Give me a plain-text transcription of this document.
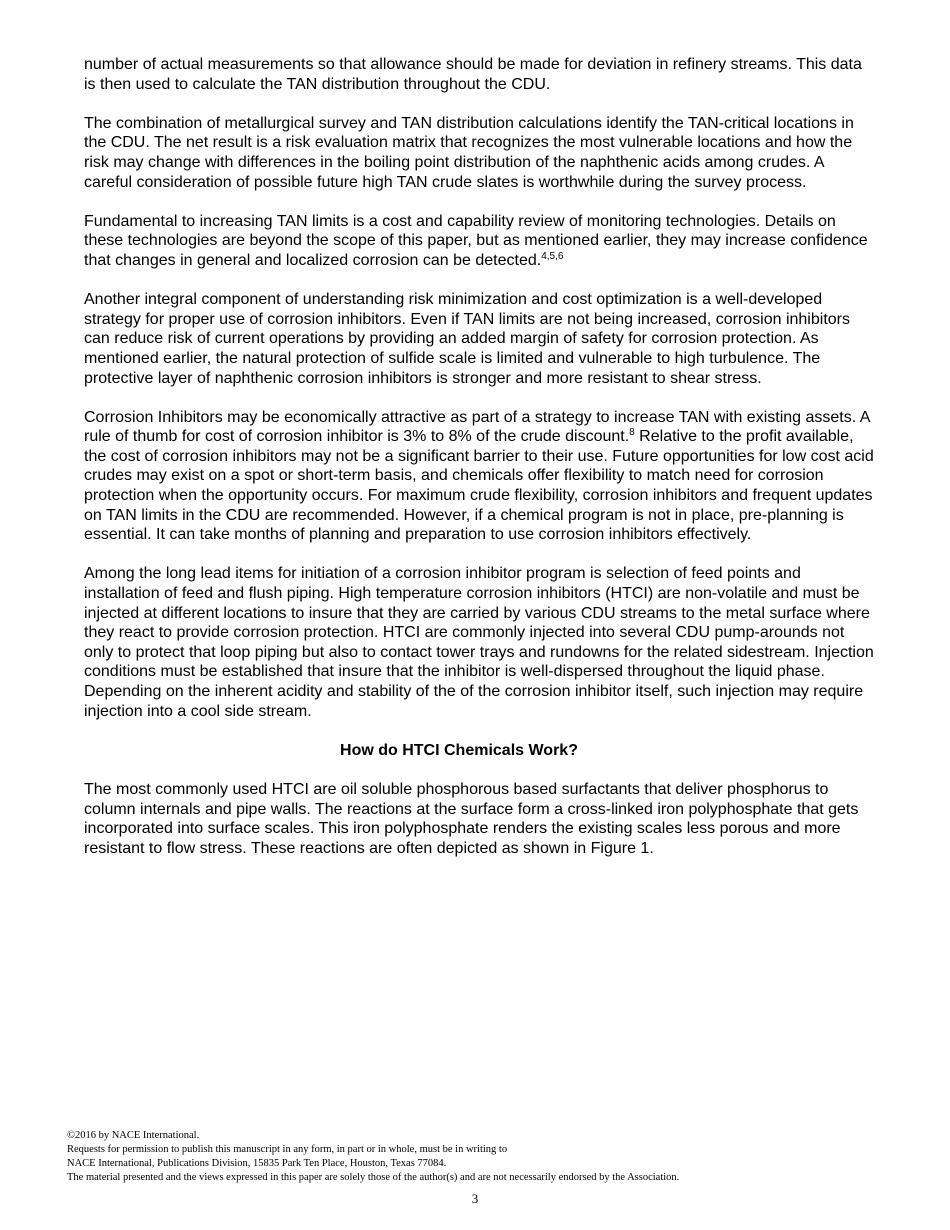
number of actual measurements so that allowance should be made for deviation in refinery streams. This data is then used to calculate the TAN distribution throughout the CDU.

The combination of metallurgical survey and TAN distribution calculations identify the TAN-critical locations in the CDU. The net result is a risk evaluation matrix that recognizes the most vulnerable locations and how the risk may change with differences in the boiling point distribution of the naphthenic acids among crudes. A careful consideration of possible future high TAN crude slates is worthwhile during the survey process.

Fundamental to increasing TAN limits is a cost and capability review of monitoring technologies. Details on these technologies are beyond the scope of this paper, but as mentioned earlier, they may increase confidence that changes in general and localized corrosion can be detected.$^{4,5,6}$

Another integral component of understanding risk minimization and cost optimization is a well-developed strategy for proper use of corrosion inhibitors. Even if TAN limits are not being increased, corrosion inhibitors can reduce risk of current operations by providing an added margin of safety for corrosion protection. As mentioned earlier, the natural protection of sulfide scale is limited and vulnerable to high turbulence. The protective layer of naphthenic corrosion inhibitors is stronger and more resistant to shear stress.

Corrosion Inhibitors may be economically attractive as part of a strategy to increase TAN with existing assets. A rule of thumb for cost of corrosion inhibitor is 3% to 8% of the crude discount.$^8$ Relative to the profit available, the cost of corrosion inhibitors may not be a significant barrier to their use. Future opportunities for low cost acid crudes may exist on a spot or short-term basis, and chemicals offer flexibility to match need for corrosion protection when the opportunity occurs. For maximum crude flexibility, corrosion inhibitors and frequent updates on TAN limits in the CDU are recommended. However, if a chemical program is not in place, pre-planning is essential. It can take months of planning and preparation to use corrosion inhibitors effectively.

Among the long lead items for initiation of a corrosion inhibitor program is selection of feed points and installation of feed and flush piping. High temperature corrosion inhibitors (HTCI) are non-volatile and must be injected at different locations to insure that they are carried by various CDU streams to the metal surface where they react to provide corrosion protection. HTCI are commonly injected into several CDU pump-arounds not only to protect that loop piping but also to contact tower trays and rundowns for the related sidestream. Injection conditions must be established that insure that the inhibitor is well-dispersed throughout the liquid phase. Depending on the inherent acidity and stability of the of the corrosion inhibitor itself, such injection may require injection into a cool side stream.

How do HTCI Chemicals Work?

The most commonly used HTCI are oil soluble phosphorous based surfactants that deliver phosphorus to column internals and pipe walls. The reactions at the surface form a cross-linked iron polyphosphate that gets incorporated into surface scales. This iron polyphosphate renders the existing scales less porous and more resistant to flow stress. These reactions are often depicted as shown in Figure 1.

©2016 by NACE International.
Requests for permission to publish this manuscript in any form, in part or in whole, must be in writing to
NACE International, Publications Division, 15835 Park Ten Place, Houston, Texas 77084.
The material presented and the views expressed in this paper are solely those of the author(s) and are not necessarily endorsed by the Association.
3
